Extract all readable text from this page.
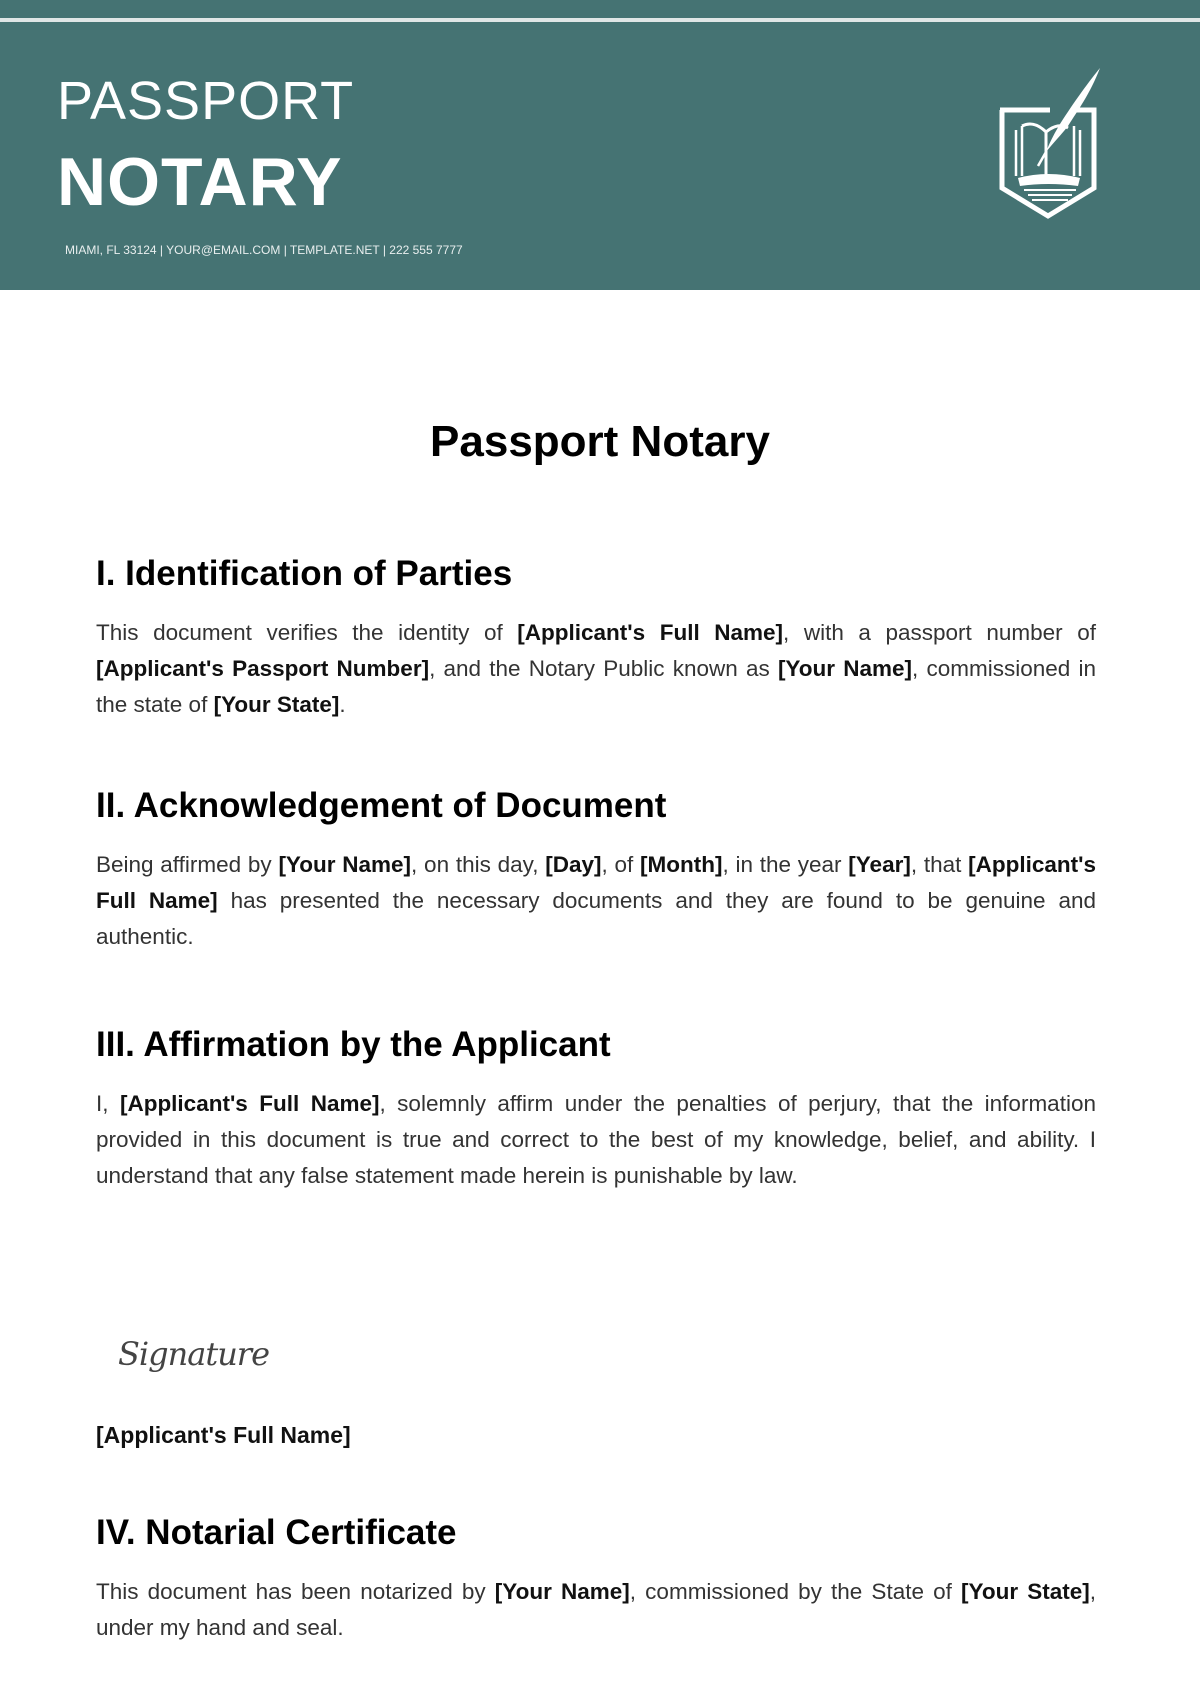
PASSPORT
NOTARY
MIAMI, FL 33124 | YOUR@EMAIL.COM | TEMPLATE.NET | 222 555 7777
Passport Notary
I. Identification of Parties

This document verifies the identity of [Applicant's Full Name], with a passport number of [Applicant's Passport Number], and the Notary Public known as [Your Name], commissioned in the state of [Your State].

II. Acknowledgement of Document

Being affirmed by [Your Name], on this day, [Day], of [Month], in the year [Year], that [Applicant's Full Name] has presented the necessary documents and they are found to be genuine and authentic.

III. Affirmation by the Applicant

I, [Applicant's Full Name], solemnly affirm under the penalties of perjury, that the information provided in this document is true and correct to the best of my knowledge, belief, and ability. I understand that any false statement made herein is punishable by law.

Signature
[Applicant's Full Name]
IV. Notarial Certificate

This document has been notarized by [Your Name], commissioned by the State of [Your State], under my hand and seal.
